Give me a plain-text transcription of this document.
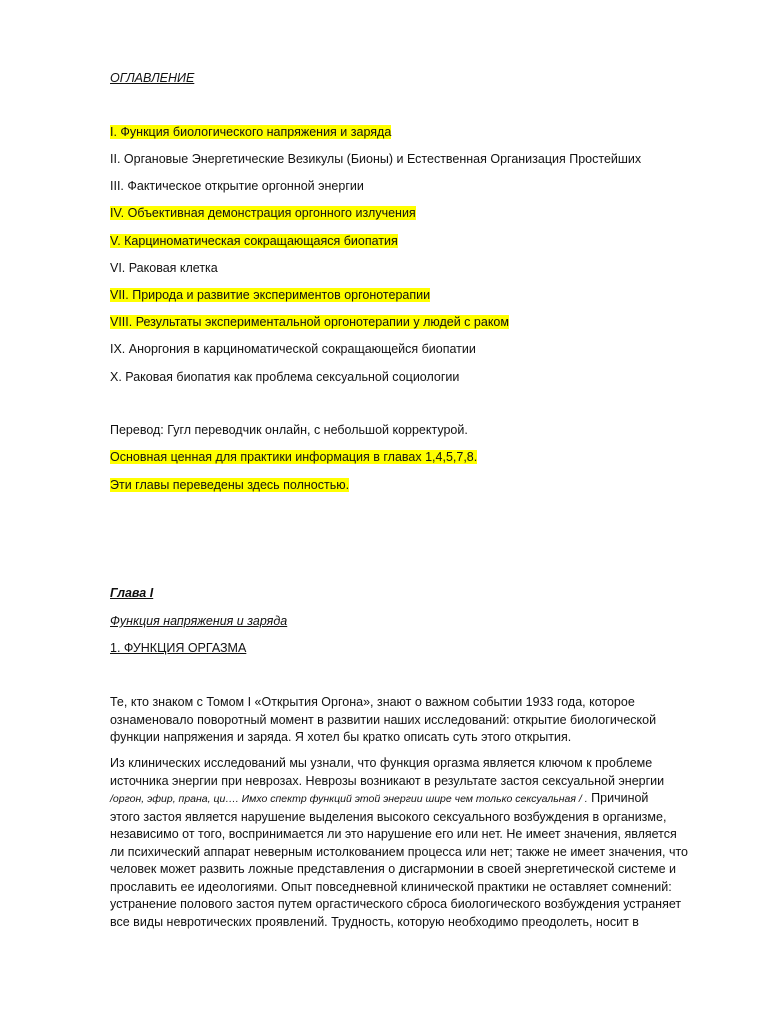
ОГЛАВЛЕНИЕ
I. Функция биологического напряжения и заряда
II. Органовые Энергетические Везикулы (Бионы) и Естественная Организация Простейших
III. Фактическое открытие оргонной энергии
IV. Объективная демонстрация оргонного излучения
V. Карциноматическая сокращающаяся биопатия
VI. Раковая клетка
VII. Природа и развитие экспериментов оргонотерапии
VIII. Результаты экспериментальной оргонотерапии у людей с раком
IX. Анoргония в карциноматической сокращающейся биопатии
X. Раковая биопатия как проблема сексуальной социологии
Перевод: Гугл переводчик онлайн, с небольшой корректурой.
Основная ценная для практики информация в главах 1,4,5,7,8.
Эти главы переведены здесь полностью.
Глава I
Функция напряжения и заряда
1. ФУНКЦИЯ ОРГАЗМА

Те, кто знаком с Томом I «Открытия Оргона», знают о важном событии 1933 года, которое

ознаменовало поворотный момент в развитии наших исследований: открытие биологической

функции напряжения и заряда. Я хотел бы кратко описать суть этого открытия.

Из клинических исследований мы узнали, что функция оргазма является ключом к проблеме

источника энергии при неврозах. Неврозы возникают в результате застоя сексуальной энергии

/оргон, эфир, прана, ци…. Имхо спектр функций этой энергии шире чем только сексуальная / . Причиной

этого застоя является нарушение выделения высокого сексуального возбуждения в организме,

независимо от того, воспринимается ли это нарушение его или нет. Не имеет значения, является

ли психический аппарат неверным истолкованием процесса или нет; также не имеет значения, что

человек может развить ложные представления о дисгармонии в своей энергетической системе и

прославить ее идеологиями. Опыт повседневной клинической практики не оставляет сомнений:

устранение полового застоя путем оргастического сброса биологического возбуждения устраняет

все виды невротических проявлений. Трудность, которую необходимо преодолеть, носит в
